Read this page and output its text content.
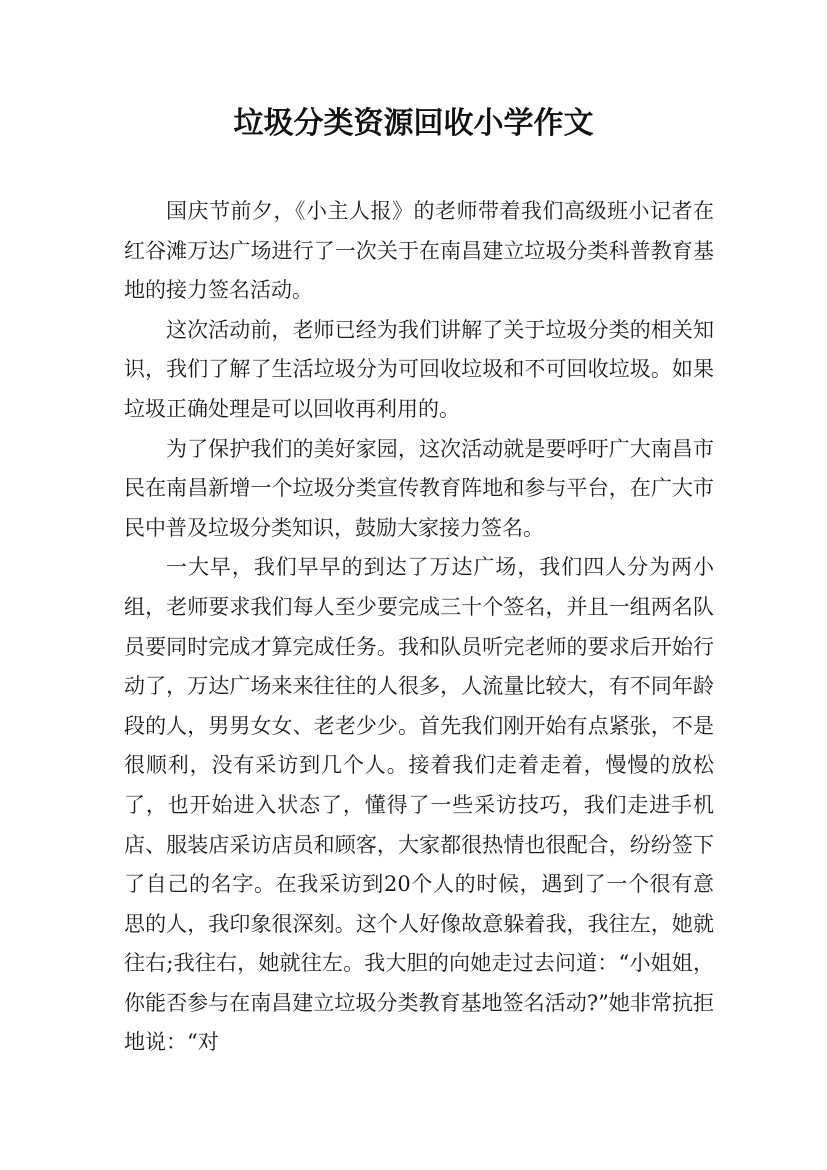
垃圾分类资源回收小学作文

国庆节前夕，《小主人报》的老师带着我们高级班小记者在红谷滩万达广场进行了一次关于在南昌建立垃圾分类科普教育基地的接力签名活动。

这次活动前，老师已经为我们讲解了关于垃圾分类的相关知识，我们了解了生活垃圾分为可回收垃圾和不可回收垃圾。如果垃圾正确处理是可以回收再利用的。

为了保护我们的美好家园，这次活动就是要呼吁广大南昌市民在南昌新增一个垃圾分类宣传教育阵地和参与平台，在广大市民中普及垃圾分类知识，鼓励大家接力签名。

一大早，我们早早的到达了万达广场，我们四人分为两小组，老师要求我们每人至少要完成三十个签名，并且一组两名队员要同时完成才算完成任务。我和队员听完老师的要求后开始行动了，万达广场来来往往的人很多，人流量比较大，有不同年龄段的人，男男女女、老老少少。首先我们刚开始有点紧张，不是很顺利，没有采访到几个人。接着我们走着走着，慢慢的放松了，也开始进入状态了，懂得了一些采访技巧，我们走进手机店、服装店采访店员和顾客，大家都很热情也很配合，纷纷签下了自己的名字。在我采访到20个人的时候，遇到了一个很有意思的人，我印象很深刻。这个人好像故意躲着我，我往左，她就往右;我往右，她就往左。我大胆的向她走过去问道：“小姐姐，你能否参与在南昌建立垃圾分类教育基地签名活动?”她非常抗拒地说：“对
